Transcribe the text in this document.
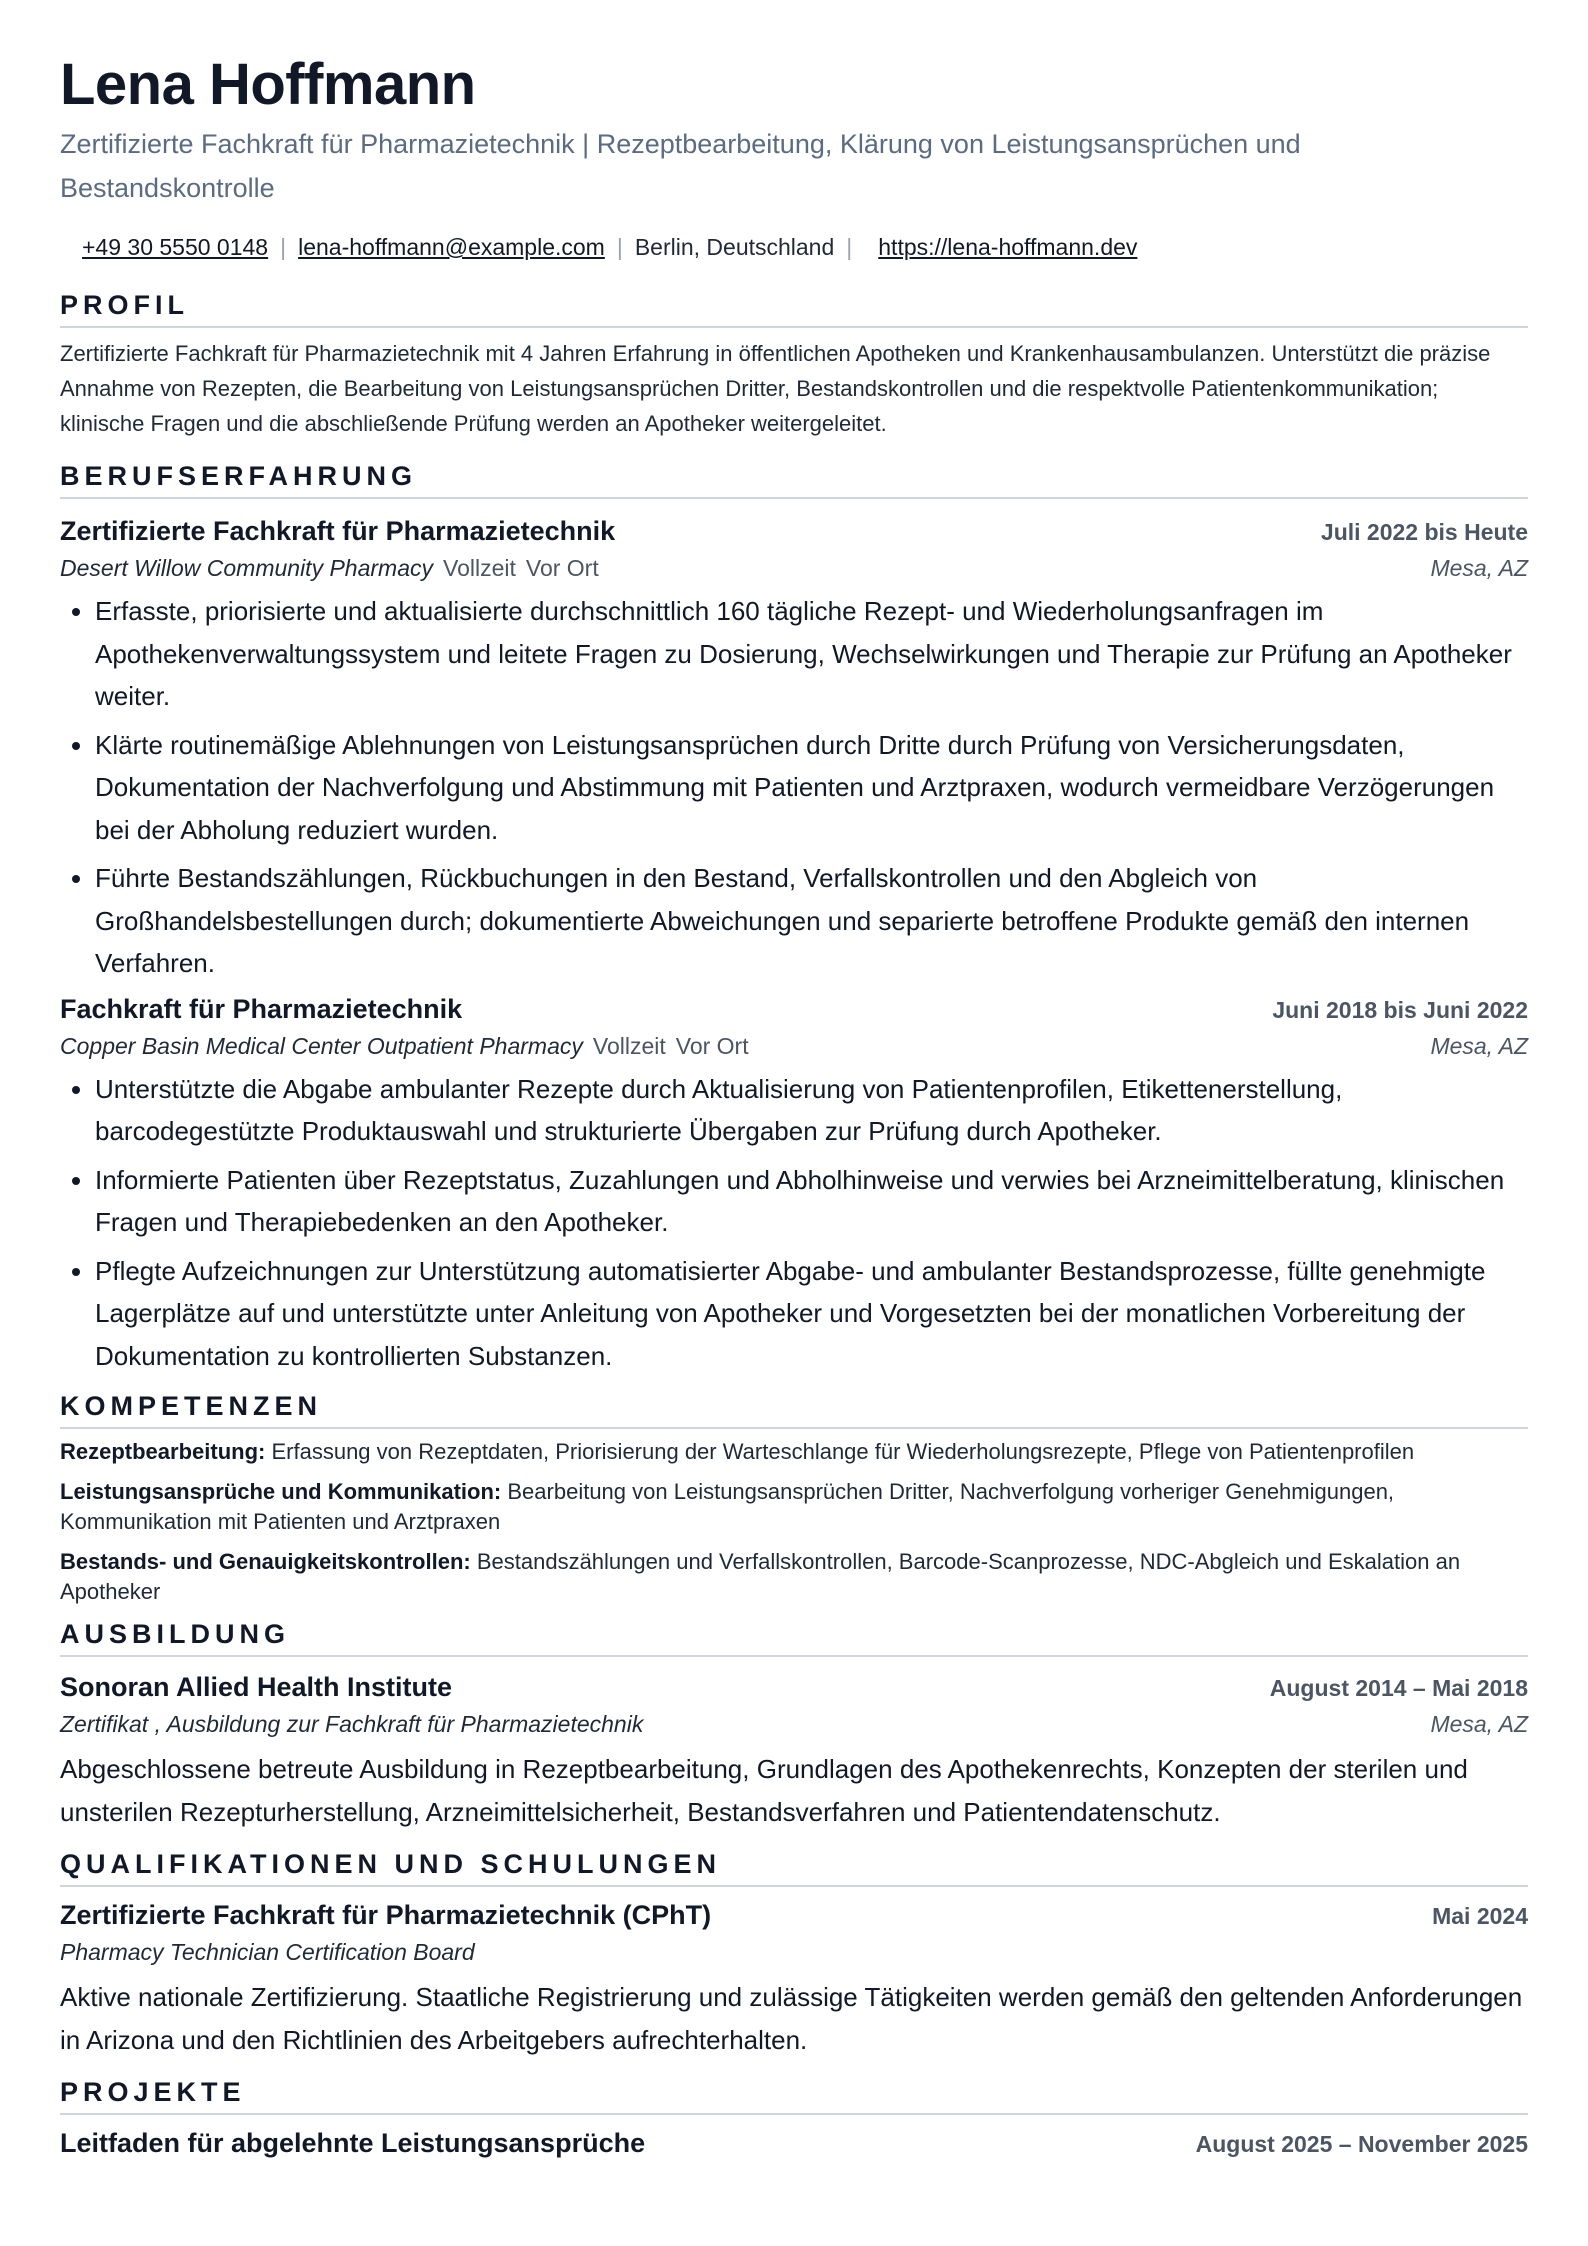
Lena Hoffmann

Zertifizierte Fachkraft für Pharmazietechnik | Rezeptbearbeitung, Klärung von Leistungsansprüchen und Bestandskontrolle

+49 30 5550 0148 | lena-hoffmann@example.com | Berlin, Deutschland | https://lena-hoffmann.dev
PROFIL

Zertifizierte Fachkraft für Pharmazietechnik mit 4 Jahren Erfahrung in öffentlichen Apotheken und Krankenhausambulanzen. Unterstützt die präzise Annahme von Rezepten, die Bearbeitung von Leistungsansprüchen Dritter, Bestandskontrollen und die respektvolle Patientenkommunikation; klinische Fragen und die abschließende Prüfung werden an Apotheker weitergeleitet.

BERUFSERFAHRUNG
Zertifizierte Fachkraft für Pharmazietechnik	Juli 2022 bis Heute
Desert Willow Community Pharmacy Vollzeit Vor Ort	Mesa, AZ
• Erfasste, priorisierte und aktualisierte durchschnittlich 160 tägliche Rezept- und Wiederholungsanfragen im Apothekenverwaltungssystem und leitete Fragen zu Dosierung, Wechselwirkungen und Therapie zur Prüfung an Apotheker weiter.
• Klärte routinemäßige Ablehnungen von Leistungsansprüchen durch Dritte durch Prüfung von Versicherungsdaten, Dokumentation der Nachverfolgung und Abstimmung mit Patienten und Arztpraxen, wodurch vermeidbare Verzögerungen bei der Abholung reduziert wurden.
• Führte Bestandszählungen, Rückbuchungen in den Bestand, Verfallskontrollen und den Abgleich von Großhandelsbestellungen durch; dokumentierte Abweichungen und separierte betroffene Produkte gemäß den internen Verfahren.
Fachkraft für Pharmazietechnik	Juni 2018 bis Juni 2022
Copper Basin Medical Center Outpatient Pharmacy Vollzeit Vor Ort	Mesa, AZ
• Unterstützte die Abgabe ambulanter Rezepte durch Aktualisierung von Patientenprofilen, Etikettenerstellung, barcodegestützte Produktauswahl und strukturierte Übergaben zur Prüfung durch Apotheker.
• Informierte Patienten über Rezeptstatus, Zuzahlungen und Abholhinweise und verwies bei Arzneimittelberatung, klinischen Fragen und Therapiebedenken an den Apotheker.
• Pflegte Aufzeichnungen zur Unterstützung automatisierter Abgabe- und ambulanter Bestandsprozesse, füllte genehmigte Lagerplätze auf und unterstützte unter Anleitung von Apotheker und Vorgesetzten bei der monatlichen Vorbereitung der Dokumentation zu kontrollierten Substanzen.
KOMPETENZEN

Rezeptbearbeitung: Erfassung von Rezeptdaten, Priorisierung der Warteschlange für Wiederholungsrezepte, Pflege von Patientenprofilen

Leistungsansprüche und Kommunikation: Bearbeitung von Leistungsansprüchen Dritter, Nachverfolgung vorheriger Genehmigungen, Kommunikation mit Patienten und Arztpraxen

Bestands- und Genauigkeitskontrollen: Bestandszählungen und Verfallskontrollen, Barcode-Scanprozesse, NDC-Abgleich und Eskalation an Apotheker

AUSBILDUNG
Sonoran Allied Health Institute	August 2014 – Mai 2018
Zertifikat , Ausbildung zur Fachkraft für Pharmazietechnik	Mesa, AZ

Abgeschlossene betreute Ausbildung in Rezeptbearbeitung, Grundlagen des Apothekenrechts, Konzepten der sterilen und unsterilen Rezepturherstellung, Arzneimittelsicherheit, Bestandsverfahren und Patientendatenschutz.

QUALIFIKATIONEN UND SCHULUNGEN
Zertifizierte Fachkraft für Pharmazietechnik (CPhT)	Mai 2024
Pharmacy Technician Certification Board

Aktive nationale Zertifizierung. Staatliche Registrierung und zulässige Tätigkeiten werden gemäß den geltenden Anforderungen in Arizona und den Richtlinien des Arbeitgebers aufrechterhalten.

PROJEKTE
Leitfaden für abgelehnte Leistungsansprüche	August 2025 – November 2025
